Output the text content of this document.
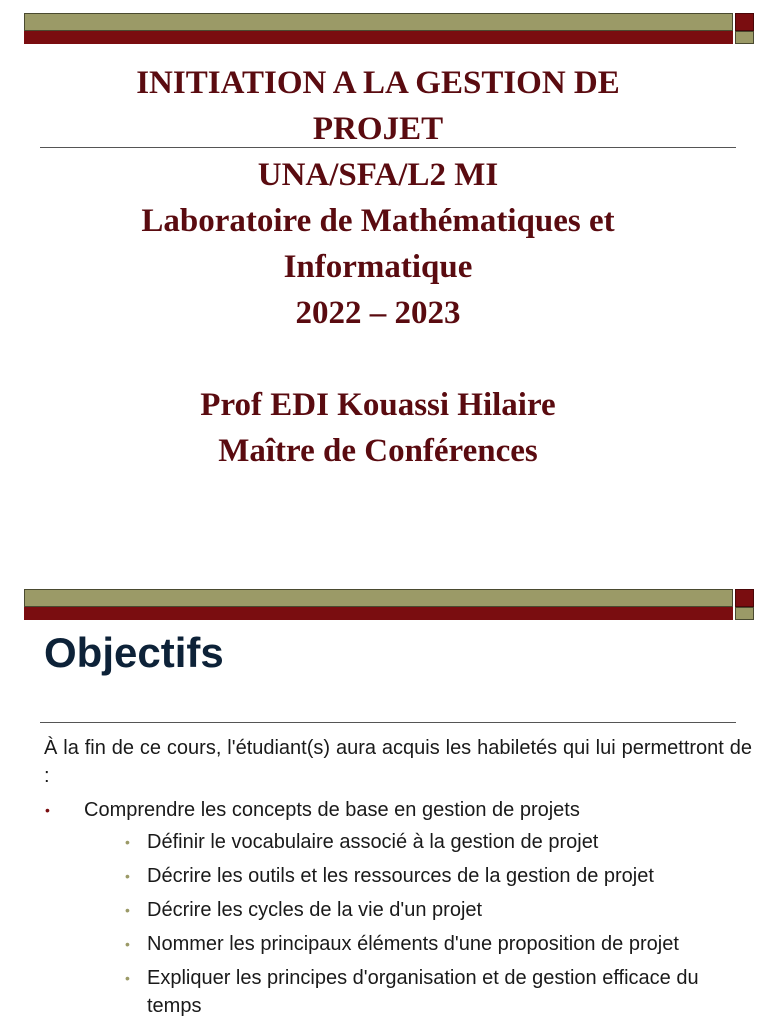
INITIATION A LA GESTION DE
PROJET
UNA/SFA/L2 MI
Laboratoire de Mathématiques et
Informatique
2022 – 2023
Prof EDI Kouassi Hilaire
Maître de Conférences
Objectifs

À la fin de ce cours, l'étudiant(s) aura acquis les habiletés qui lui permettront de :

• Comprendre les concepts de base en gestion de projets
• Définir le vocabulaire associé à la gestion de projet
• Décrire les outils et les ressources de la gestion de projet
• Décrire les cycles de la vie d'un projet
• Nommer les principaux éléments d'une proposition de projet
• Expliquer les principes d'organisation et de gestion efficace du temps
